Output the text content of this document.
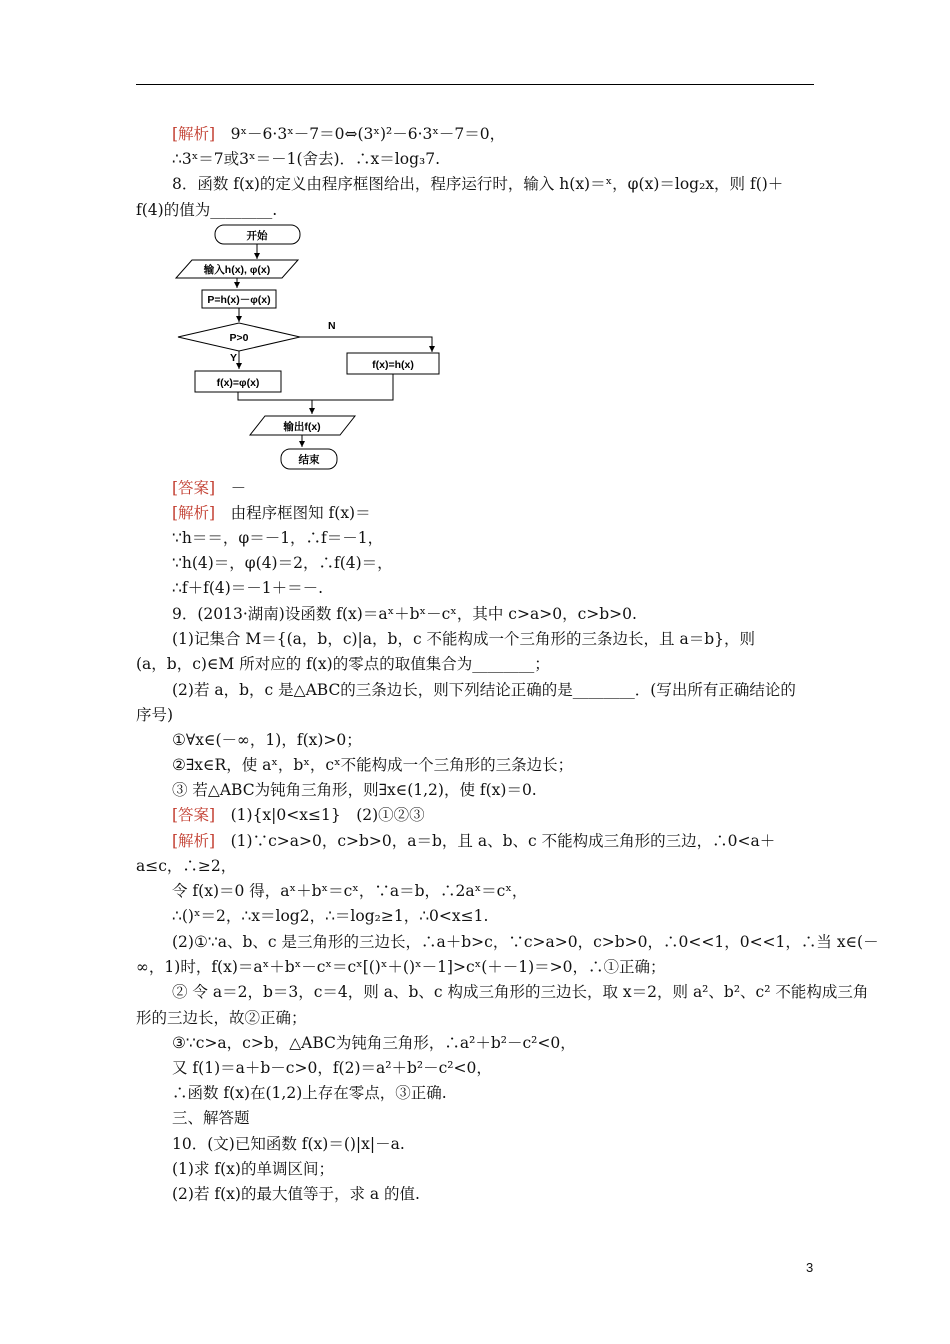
[解析]　9ˣ－6·3ˣ－7＝0⇔(3ˣ)²－6·3ˣ－7＝0，
∴3ˣ＝7或3ˣ＝－1(舍去)．∴x＝log₃7.
8．函数 f(x)的定义由程序框图给出，程序运行时，输入 h(x)＝ˣ，φ(x)＝log₂x，则 f()＋
f(4)的值为________.
[答案]　－
[解析]　由程序框图知 f(x)＝
∵h＝＝，φ＝－1，∴f＝－1，
∵h(4)＝，φ(4)＝2，∴f(4)＝，
∴f＋f(4)＝－1＋＝－.
9．(2013·湖南)设函数 f(x)＝aˣ＋bˣ－cˣ，其中 c>a>0，c>b>0.
(1)记集合 M＝{(a，b，c)|a，b，c 不能构成一个三角形的三条边长，且 a＝b}，则
(a，b，c)∈M 所对应的 f(x)的零点的取值集合为________；
(2)若 a，b，c 是△ABC的三条边长，则下列结论正确的是________．(写出所有正确结论的
序号)
①∀x∈(－∞，1)，f(x)>0；
②∃x∈R，使 aˣ，bˣ，cˣ不能构成一个三角形的三条边长；
③ 若△ABC为钝角三角形，则∃x∈(1,2)，使 f(x)＝0.
[答案]　(1){x|0<x≤1}　(2)①②③
[解析]　(1)∵c>a>0，c>b>0，a＝b，且 a、b、c 不能构成三角形的三边，∴0<a＋
a≤c，∴≥2，
令 f(x)＝0 得，aˣ＋bˣ＝cˣ，∵a＝b，∴2aˣ＝cˣ，
∴()ˣ＝2，∴x＝log2，∴＝log₂≥1，∴0<x≤1.
(2)①∵a、b、c 是三角形的三边长，∴a＋b>c，∵c>a>0，c>b>0，∴0<<1，0<<1，∴当 x∈(－
∞，1)时，f(x)＝aˣ＋bˣ－cˣ＝cˣ[()ˣ＋()ˣ－1]>cˣ(＋－1)＝>0，∴①正确；
② 令 a＝2，b＝3，c＝4，则 a、b、c 构成三角形的三边长，取 x＝2，则 a²、b²、c² 不能构成三角
形的三边长，故②正确；
③∵c>a，c>b，△ABC为钝角三角形，∴a²＋b²－c²<0，
又 f(1)＝a＋b－c>0，f(2)＝a²＋b²－c²<0，
∴函数 f(x)在(1,2)上存在零点，③正确.
三、解答题
10．(文)已知函数 f(x)＝()|x|－a.
(1)求 f(x)的单调区间；
(2)若 f(x)的最大值等于，求 a 的值.
开始
输入h(x), φ(x)
P=h(x)－φ(x)
P>0
N
f(x)=h(x)
Y
f(x)=φ(x)
输出f(x)
结束
3
